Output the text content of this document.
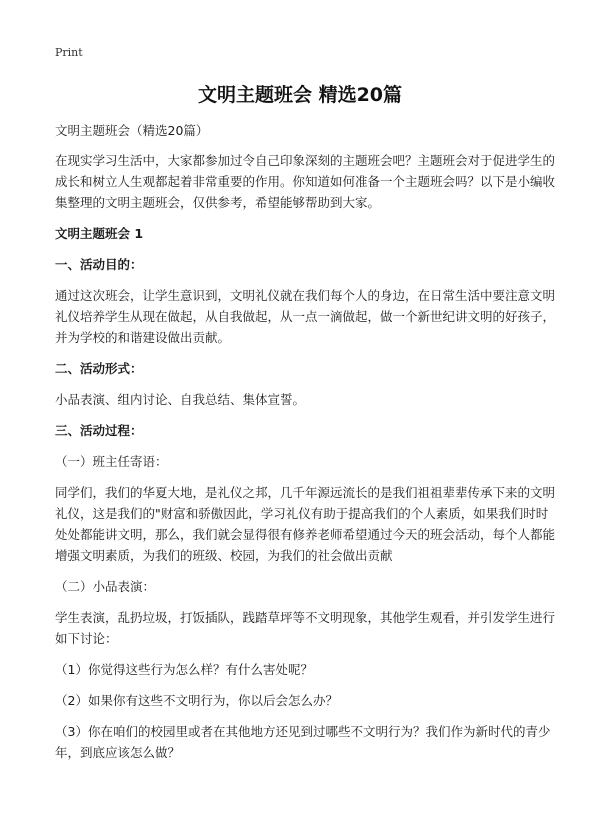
Print
文明主题班会 精选20篇

文明主题班会（精选20篇）

在现实学习生活中，大家都参加过令自己印象深刻的主题班会吧？主题班会对于促进学生的成长和树立人生观都起着非常重要的作用。你知道如何准备一个主题班会吗？以下是小编收集整理的文明主题班会，仅供参考，希望能够帮助到大家。

文明主题班会 1

一、活动目的：

通过这次班会，让学生意识到，文明礼仪就在我们每个人的身边，在日常生活中要注意文明礼仪培养学生从现在做起，从自我做起，从一点一滴做起，做一个新世纪讲文明的好孩子，并为学校的和谐建设做出贡献。

二、活动形式：

小品表演、组内讨论、自我总结、集体宣誓。

三、活动过程：

（一）班主任寄语：

同学们，我们的华夏大地，是礼仪之邦，几千年源远流长的是我们祖祖辈辈传承下来的文明礼仪，这是我们的"财富和骄傲因此，学习礼仪有助于提高我们的个人素质，如果我们时时处处都能讲文明，那么，我们就会显得很有修养老师希望通过今天的班会活动，每个人都能增强文明素质，为我们的班级、校园，为我们的社会做出贡献

（二）小品表演：

学生表演，乱扔垃圾，打饭插队，践踏草坪等不文明现象，其他学生观看，并引发学生进行如下讨论：

（1）你觉得这些行为怎么样？有什么害处呢？

（2）如果你有这些不文明行为，你以后会怎么办？

（3）你在咱们的校园里或者在其他地方还见到过哪些不文明行为？我们作为新时代的青少年，到底应该怎么做？
